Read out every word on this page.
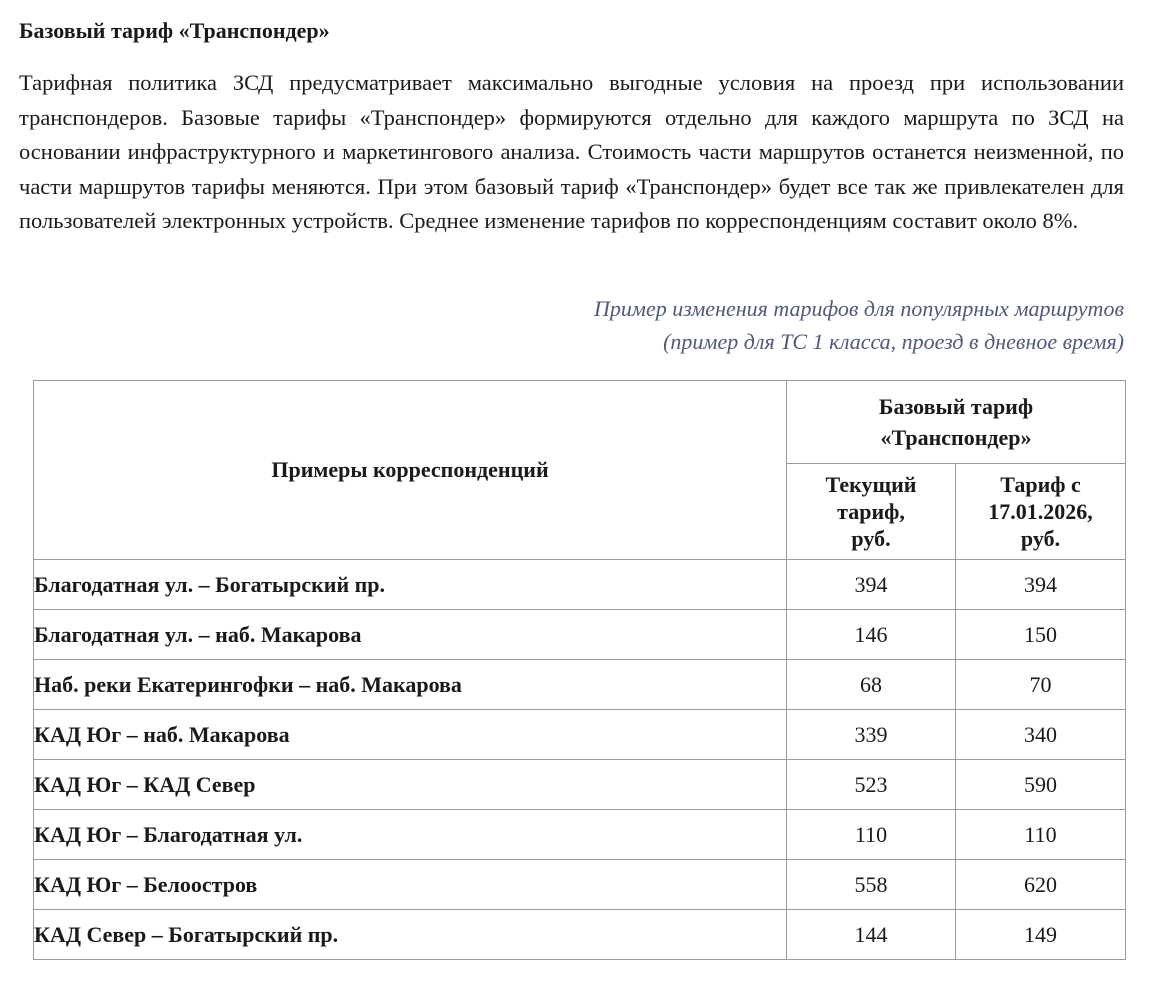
Базовый тариф «Транспондер»

Тарифная политика ЗСД предусматривает максимально выгодные условия на проезд при использовании транспондеров. Базовые тарифы «Транспондер» формируются отдельно для каждого маршрута по ЗСД на основании инфраструктурного и маркетингового анализа. Стоимость части маршрутов останется неизменной, по части маршрутов тарифы меняются. При этом базовый тариф «Транспондер» будет все так же привлекателен для пользователей электронных устройств. Среднее изменение тарифов по корреспонденциям составит около 8%.

Пример изменения тарифов для популярных маршрутов
(пример для ТС 1 класса, проезд в дневное время)
Примеры корреспонденций	Базовый тариф «Транспондер»	

	Текущий тариф, руб.	Тариф с 17.01.2026, руб.

Благодатная ул. – Богатырский пр.	394	394
Благодатная ул. – наб. Макарова	146	150
Наб. реки Екатерингофки – наб. Макарова	68	70
КАД Юг – наб. Макарова	339	340
КАД Юг – КАД Север	523	590
КАД Юг – Благодатная ул.	110	110
КАД Юг – Белоостров	558	620
КАД Север – Богатырский пр.	144	149
